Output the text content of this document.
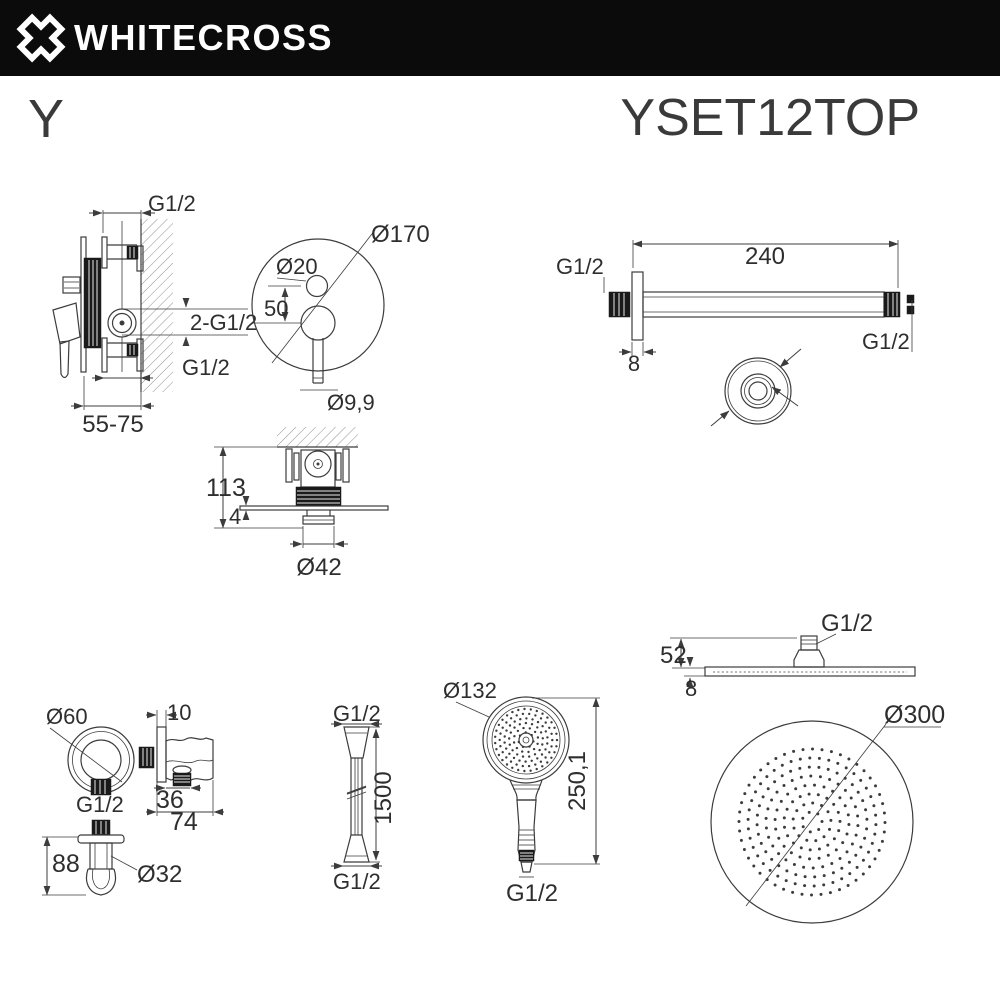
WHITECROSS
Y	YSET12TOP
G1/2
2-G1/2
G1/2
55-75
Ø170
Ø20
50
Ø9,9
G1/2	240
8
G1/2
113
4
Ø42
Ø60
G1/2
88 Ø32
10
36
74
G1/2
G1/2
1500
Ø132
250,1
G1/2
G1/2
52
8
Ø300
